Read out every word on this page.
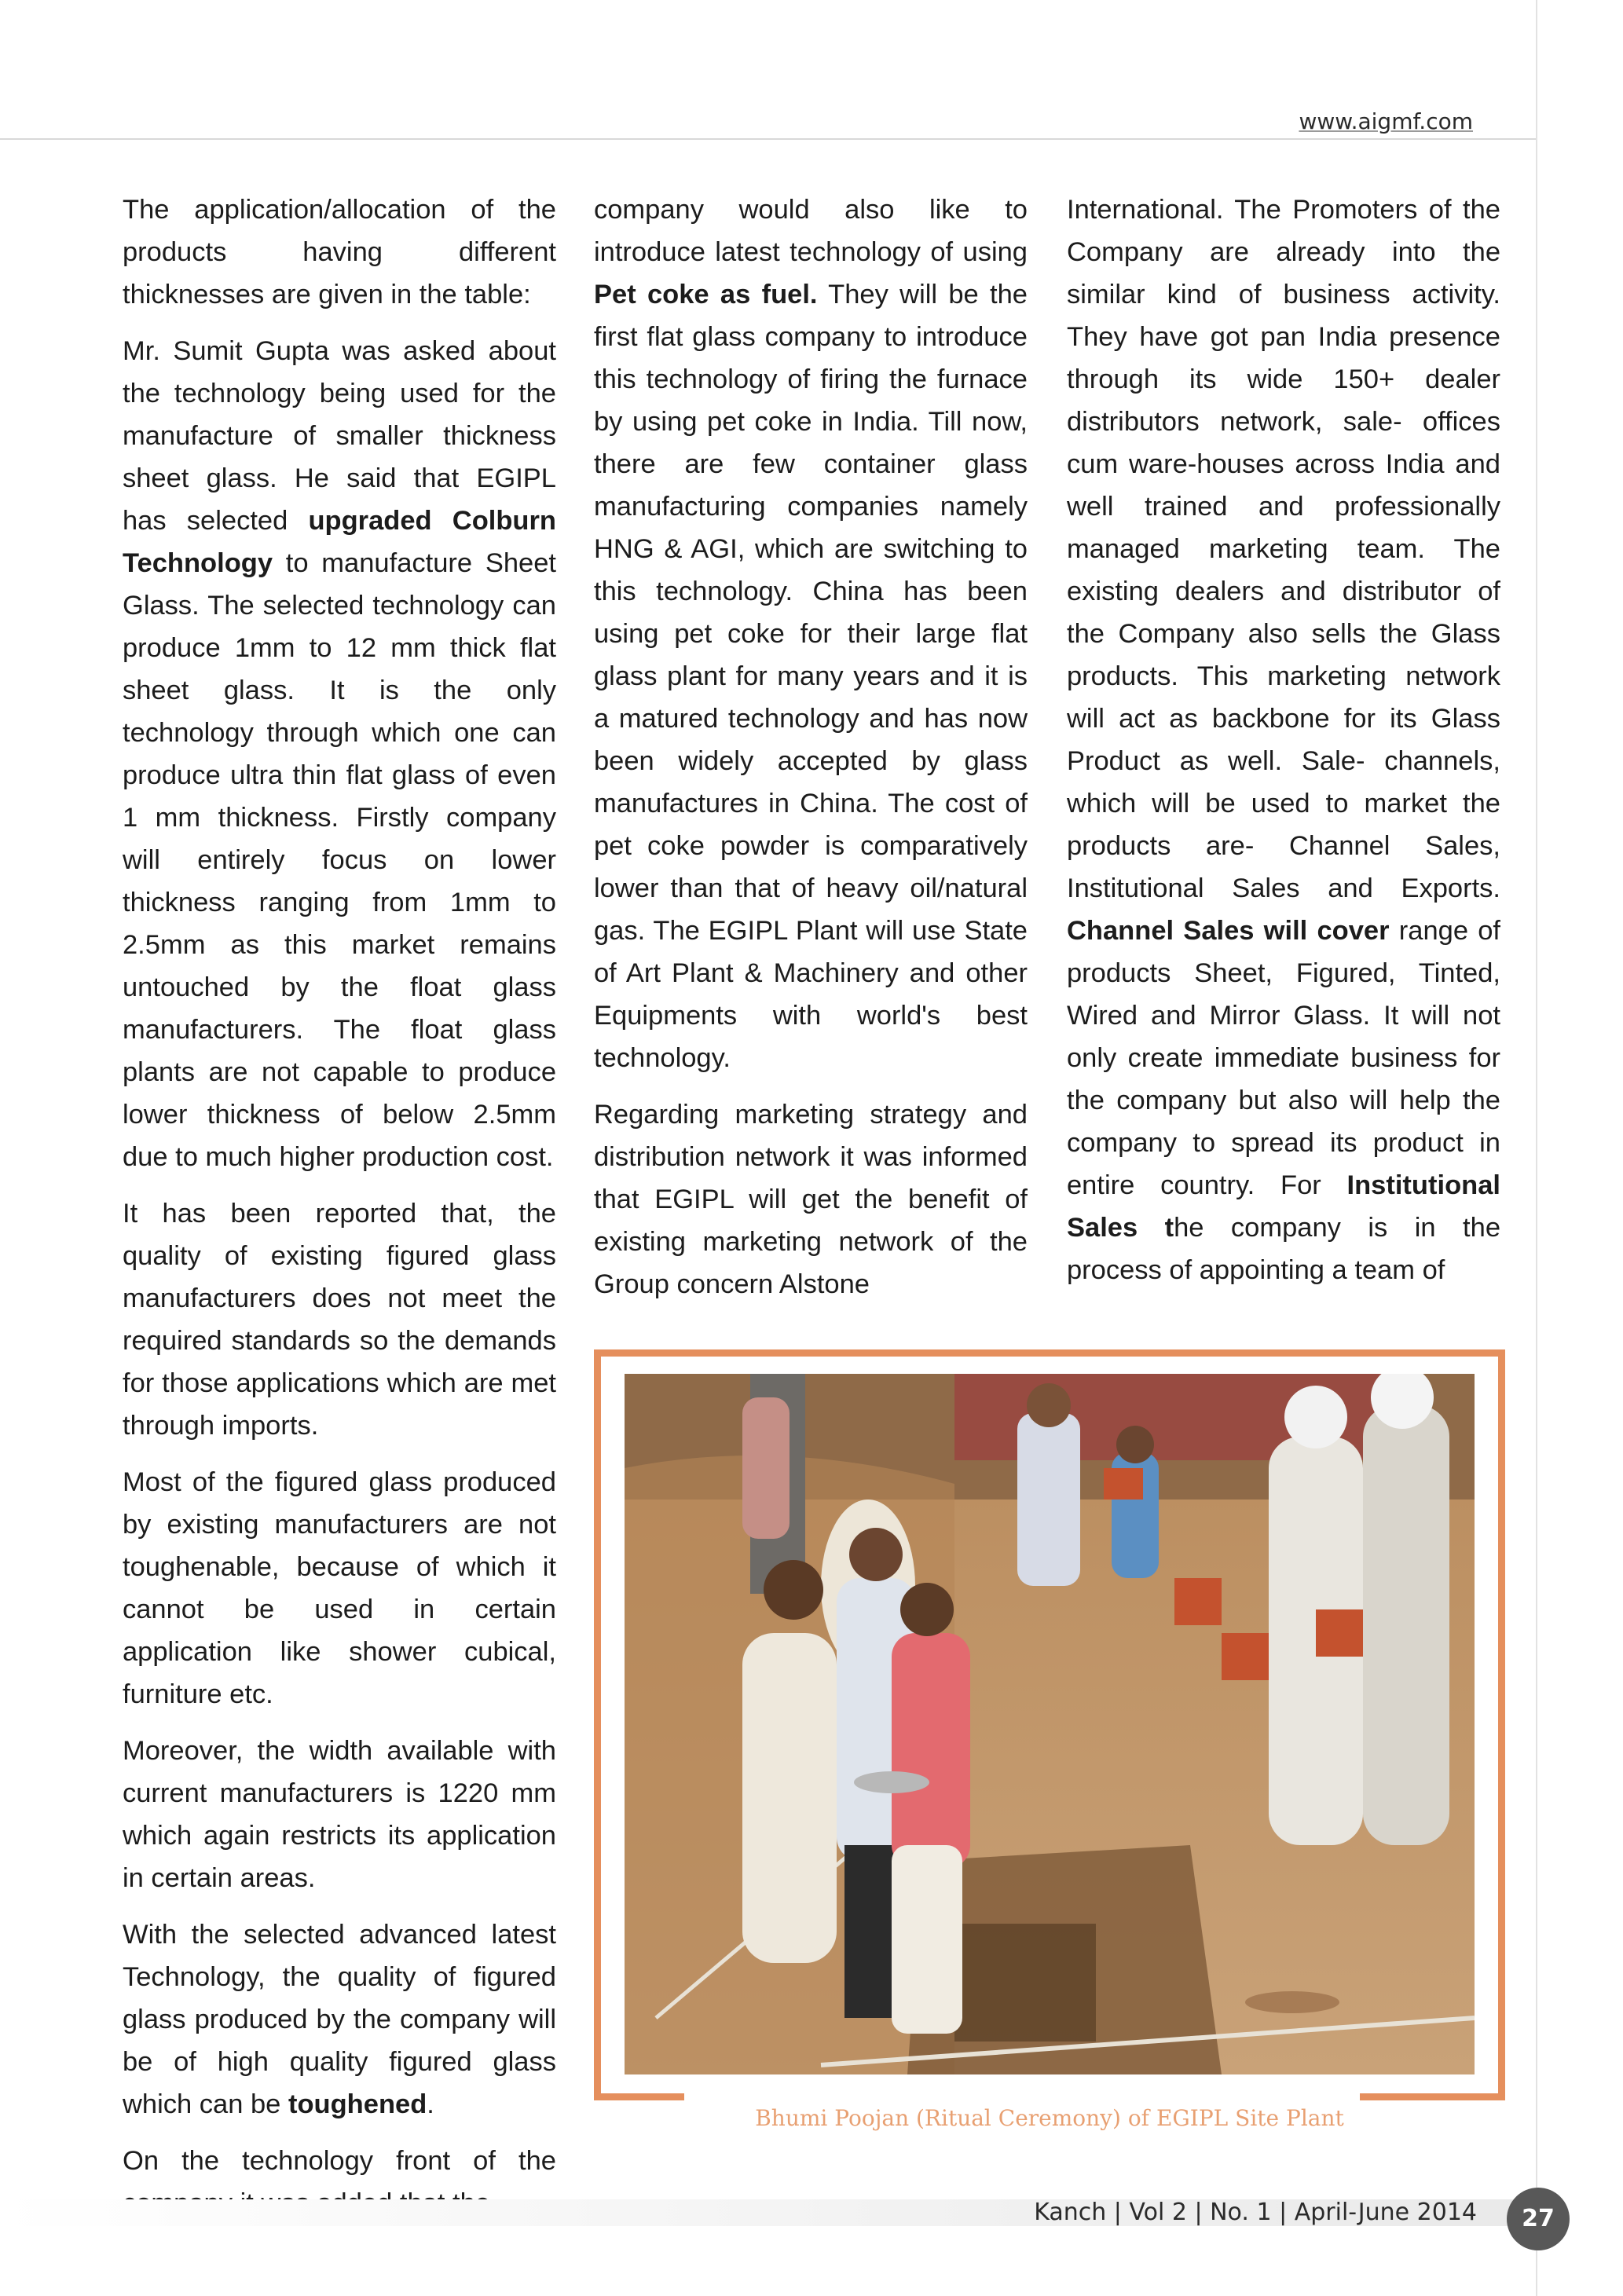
www.aigmf.com

The application/allocation of the products having different thicknesses are given in the table:

Mr. Sumit Gupta was asked about the technology being used for the manufacture of smaller thickness sheet glass. He said that EGIPL has selected upgraded Colburn Technology to manufacture Sheet Glass. The selected technology can produce 1mm to 12 mm thick flat sheet glass. It is the only technology through which one can produce ultra thin flat glass of even 1 mm thickness. Firstly company will entirely focus on lower thickness ranging from 1mm to 2.5mm as this market remains untouched by the float glass manufacturers. The float glass plants are not capable to produce lower thickness of below 2.5mm due to much higher production cost.

It has been reported that, the quality of existing figured glass manufacturers does not meet the required standards so the demands for those applications which are met through imports.

Most of the figured glass produced by existing manufacturers are not toughenable, because of which it cannot be used in certain application like shower cubical, furniture etc.

Moreover, the width available with current manufacturers is 1220 mm which again restricts its application in certain areas.

With the selected advanced latest Technology, the quality of figured glass produced by the company will be of high quality figured glass which can be toughened.

On the technology front of the

company would also like to introduce latest technology of using Pet coke as fuel. They will be the first flat glass company to introduce this technology of firing the furnace by using pet coke in India. Till now, there are few container glass manufacturing companies namely HNG & AGI, which are switching to this technology. China has been using pet coke for their large flat glass plant for many years and it is a matured technology and has now been widely accepted by glass manufactures in China. The cost of pet coke powder is comparatively lower than that of heavy oil/natural gas. The EGIPL Plant will use State of Art Plant & Machinery and other Equipments with world's best technology.

Regarding marketing strategy and distribution network it was informed that EGIPL will get the benefit of existing marketing network of the Group concern Alstone

International. The Promoters of the Company are already into the similar kind of business activity. They have got pan India presence through its wide 150+ dealer distributors network, sale- offices cum ware-houses across India and well trained and professionally managed marketing team. The existing dealers and distributor of the Company also sells the Glass products. This marketing network will act as backbone for its Glass Product as well. Sale- channels, which will be used to market the products are- Channel Sales, Institutional Sales and Exports. Channel Sales will cover range of products Sheet, Figured, Tinted, Wired and Mirror Glass. It will not only create immediate business for the company but also will help the company to spread its product in entire country. For Institutional Sales the company is in the process of appointing a team of

Bhumi Poojan (Ritual Ceremony) of EGIPL Site Plant
Kanch | Vol 2 | No. 1 | April-June 2014	27
